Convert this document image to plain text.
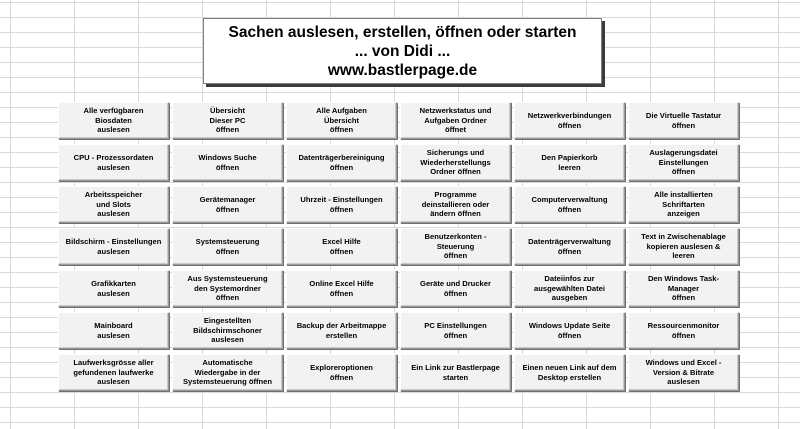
Sachen auslesen, erstellen, öffnen oder starten
... von Didi ...
www.bastlerpage.de
Alle verfügbaren
Biosdaten
auslesen
Übersicht
Dieser PC
öffnen
Alle Aufgaben
Übersicht
öffnen
Netzwerkstatus und
Aufgaben Ordner
öffnet
Netzwerkverbindungen
öffnen
Die Virtuelle Tastatur
öffnen
CPU - Prozessordaten
auslesen
Windows Suche
öffnen
Datenträgerbereinigung
öffnen
Sicherungs und
Wiederherstellungs
Ordner öffnen
Den Papierkorb
leeren
Auslagerungsdatei
Einstellungen
öffnen
Arbeitsspeicher
und Slots
auslesen
Gerätemanager
öffnen
Uhrzeit - Einstellungen
öffnen
Programme
deinstallieren oder
ändern öffnen
Computerverwaltung
öffnen
Alle installierten
Schriftarten
anzeigen
Bildschirm - Einstellungen
auslesen
Systemsteuerung
öffnen
Excel Hilfe
öffnen
Benutzerkonten -
Steuerung
öffnen
Datenträgerverwaltung
öffnen
Text in Zwischenablage
kopieren auslesen &
leeren
Grafikkarten
auslesen
Aus Systemsteuerung
den Systemordner
öffnen
Online Excel Hilfe
öffnen
Geräte und Drucker
öffnen
Dateiinfos zur
ausgewählten Datei
ausgeben
Den Windows Task-
Manager
öffnen
Mainboard
auslesen
Eingestellten
Bildschirmschoner
auslesen
Backup der Arbeitmappe
erstellen
PC Einstellungen
öffnen
Windows Update Seite
öffnen
Ressourcenmonitor
öffnen
Laufwerksgrösse aller
gefundenen laufwerke
auslesen
Automatische
Wiedergabe in der
Systemsteuerung öffnen
Exploreroptionen
öffnen
Ein Link zur Bastlerpage
starten
Einen neuen Link auf dem
Desktop erstellen
Windows und Excel -
Version & Bitrate
auslesen
